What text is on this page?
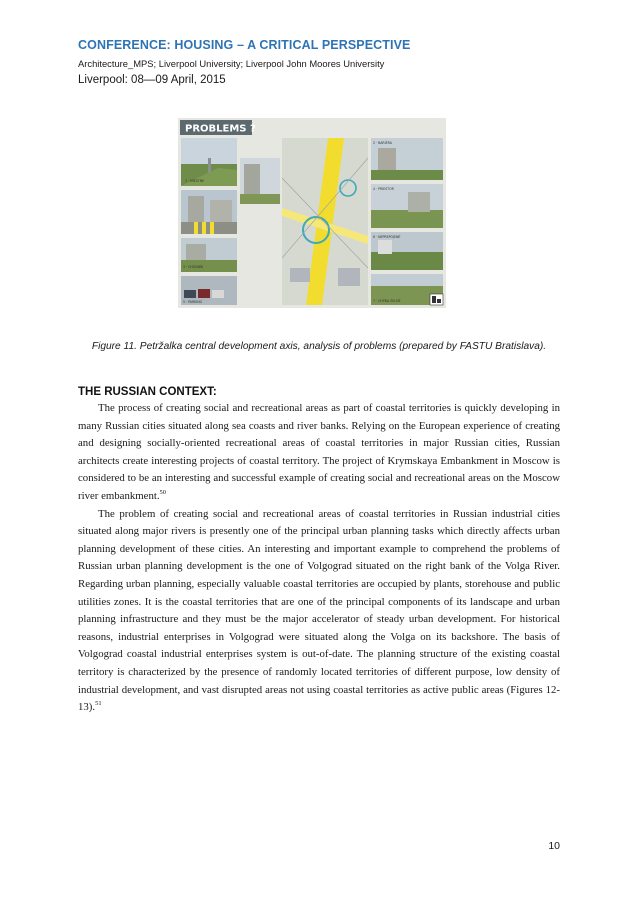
CONFERENCE: HOUSING – A CRITICAL PERSPECTIVE
Architecture_MPS; Liverpool University; Liverpool John Moores University
Liverpool: 08—09 April, 2015
PROBLEMS ?
1 · MIESTNE
3 · CHODNÍK
5 · PARKING
2 · BARIÉRA
4 · PRIESTOR
6 · NEPREPOJENÉ
7 · CHÝBA ZELEŇ
Figure 11. Petržalka central development axis, analysis of problems (prepared by FASTU Bratislava).
THE RUSSIAN CONTEXT:

The process of creating social and recreational areas as part of coastal territories is quickly developing in many Russian cities situated along sea coasts and river banks. Relying on the European experience of creating and designing socially-oriented recreational areas of coastal territories in major Russian cities, Russian architects create interesting projects of coastal territory. The project of Krymskaya Embankment in Moscow is considered to be an interesting and successful example of creating social and recreational areas on the Moscow river embankment.$^{50}$

The problem of creating social and recreational areas of coastal territories in Russian industrial cities situated along major rivers is presently one of the principal urban planning tasks which directly affects urban planning development of these cities. An interesting and important example to comprehend the problems of Russian urban planning development is the one of Volgograd situated on the right bank of the Volga River. Regarding urban planning, especially valuable coastal territories are occupied by plants, storehouse and public utilities zones. It is the coastal territories that are one of the principal components of its landscape and urban planning infrastructure and they must be the major accelerator of steady urban development. For historical reasons, industrial enterprises in Volgograd were situated along the Volga on its backshore. The basis of Volgograd coastal industrial enterprises system is out-of-date. The planning structure of the existing coastal territory is characterized by the presence of randomly located territories of different purpose, low density of industrial development, and vast disrupted areas not using coastal territories as active public areas (Figures 12-13).$^{51}$

10
